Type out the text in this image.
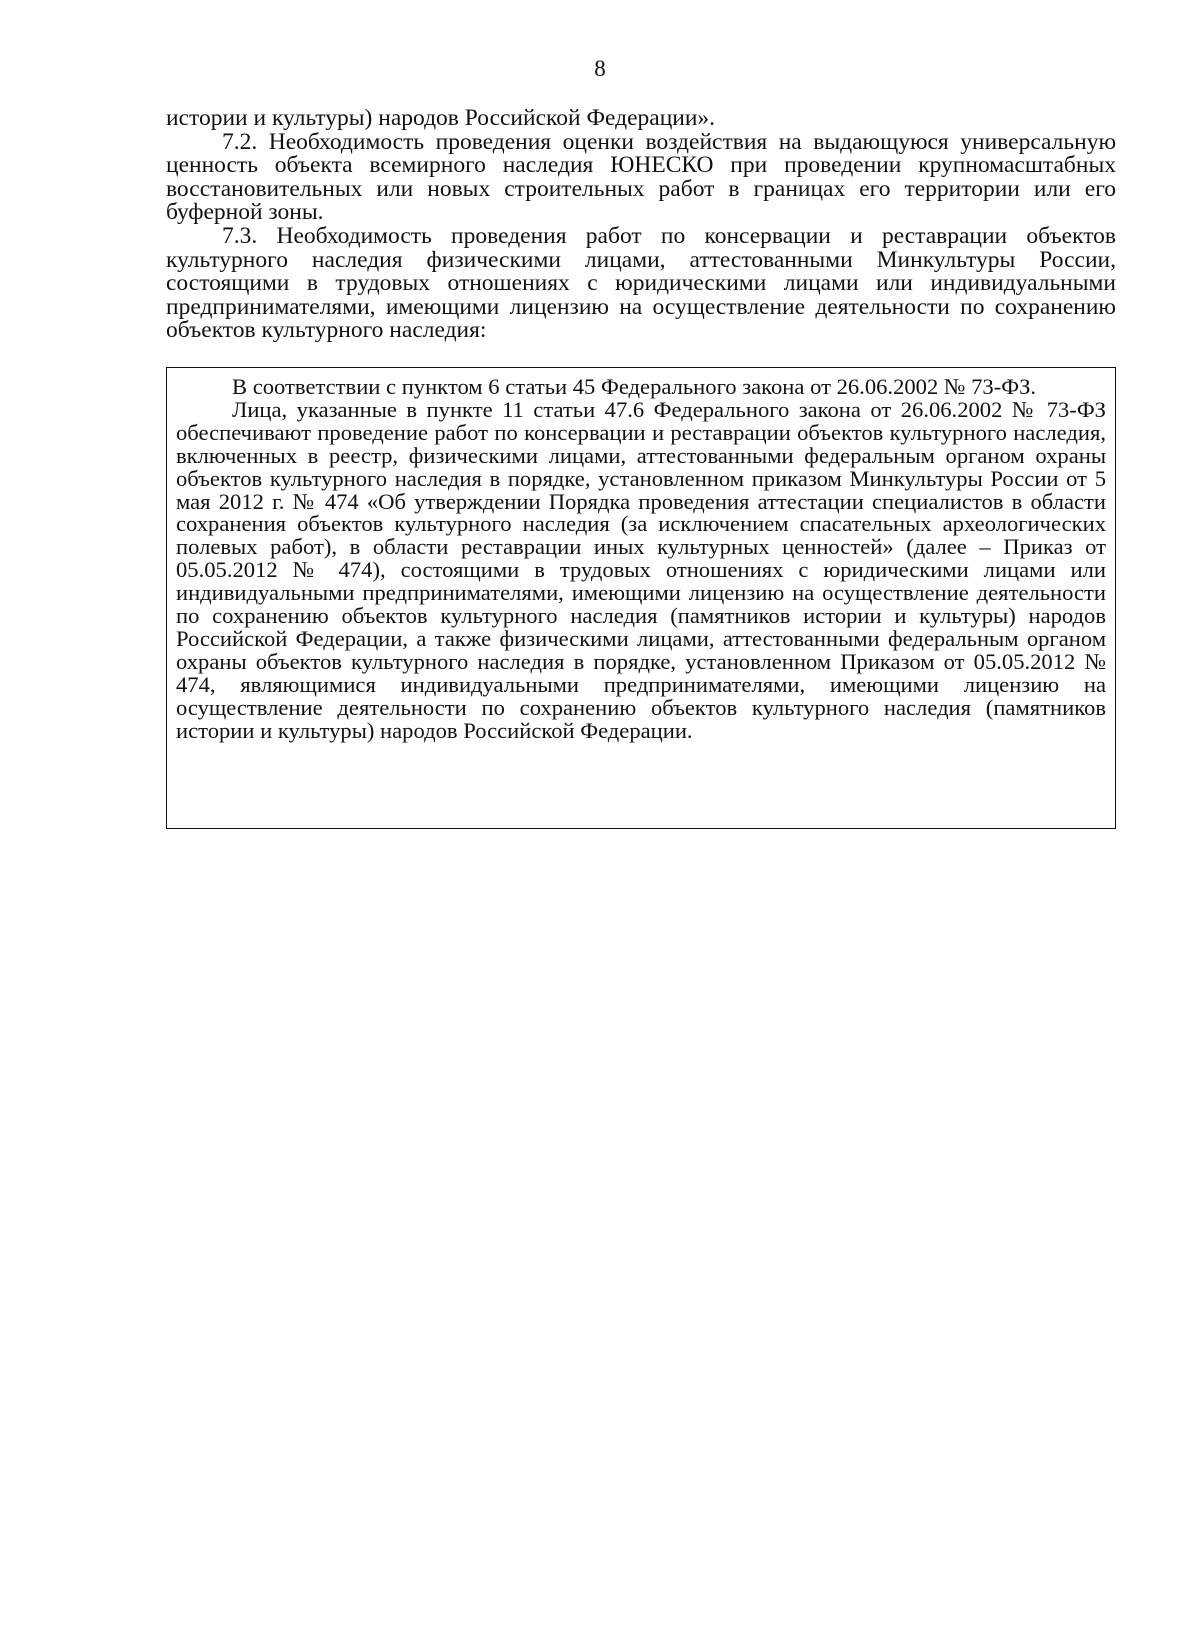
8

истории и культуры) народов Российской Федерации».

7.2. Необходимость проведения оценки воздействия на выдающуюся универсальную ценность объекта всемирного наследия ЮНЕСКО при проведении крупномасштабных восстановительных или новых строительных работ в границах его территории или его буферной зоны.

7.3. Необходимость проведения работ по консервации и реставрации объектов культурного наследия физическими лицами, аттестованными Минкультуры России, состоящими в трудовых отношениях с юридическими лицами или индивидуальными предпринимателями, имеющими лицензию на осуществление деятельности по сохранению объектов культурного наследия:

В соответствии с пунктом 6 статьи 45 Федерального закона от 26.06.2002 № 73-ФЗ.

Лица, указанные в пункте 11 статьи 47.6 Федерального закона от 26.06.2002 № 73-ФЗ обеспечивают проведение работ по консервации и реставрации объектов культурного наследия, включенных в реестр, физическими лицами, аттестованными федеральным органом охраны объектов культурного наследия в порядке, установленном приказом Минкультуры России от 5 мая 2012 г. № 474 «Об утверждении Порядка проведения аттестации специалистов в области сохранения объектов культурного наследия (за исключением спасательных археологических полевых работ), в области реставрации иных культурных ценностей» (далее – Приказ от 05.05.2012 № 474), состоящими в трудовых отношениях с юридическими лицами или индивидуальными предпринимателями, имеющими лицензию на осуществление деятельности по сохранению объектов культурного наследия (памятников истории и культуры) народов Российской Федерации, а также физическими лицами, аттестованными федеральным органом охраны объектов культурного наследия в порядке, установленном Приказом от 05.05.2012 № 474, являющимися индивидуальными предпринимателями, имеющими лицензию на осуществление деятельности по сохранению объектов культурного наследия (памятников истории и культуры) народов Российской Федерации.
